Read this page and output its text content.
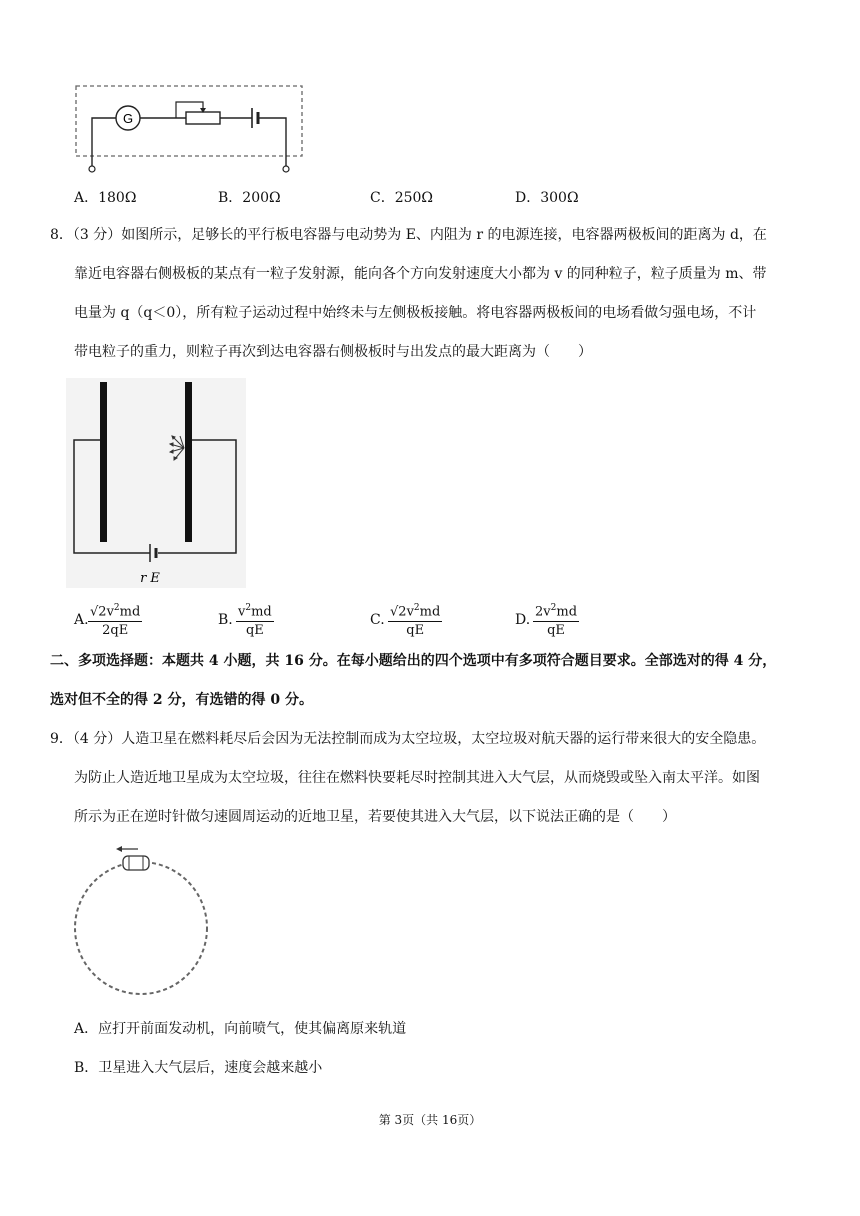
G
A．180Ω	B．200Ω	C．250Ω	D．300Ω
8．（3 分）如图所示，足够长的平行板电容器与电动势为 E、内阻为 r 的电源连接，电容器两极板间的距离为 d，在
靠近电容器右侧极板的某点有一粒子发射源，能向各个方向发射速度大小都为 v 的同种粒子，粒子质量为 m、带
电量为 q（q＜0），所有粒子运动过程中始终未与左侧极板接触。将电容器两极板间的电场看做匀强电场，不计
带电粒子的重力，则粒子再次到达电容器右侧极板时与出发点的最大距离为（　　）
r E
A. $\frac{√2v^2md}{2qE}$	B. $\frac{v^2md}{qE}$	C. $\frac{√2v^2md}{qE}$	D. $\frac{2v^2md}{qE}$
二、多项选择题：本题共 4 小题，共 16 分。在每小题给出的四个选项中有多项符合题目要求。全部选对的得 4 分，
选对但不全的得 2 分，有选错的得 0 分。
9．（4 分）人造卫星在燃料耗尽后会因为无法控制而成为太空垃圾，太空垃圾对航天器的运行带来很大的安全隐患。
为防止人造近地卫星成为太空垃圾，往往在燃料快要耗尽时控制其进入大气层，从而烧毁或坠入南太平洋。如图
所示为正在逆时针做匀速圆周运动的近地卫星，若要使其进入大气层，以下说法正确的是（　　）
A．应打开前面发动机，向前喷气，使其偏离原来轨道
B．卫星进入大气层后，速度会越来越小
第 3页（共 16页）
